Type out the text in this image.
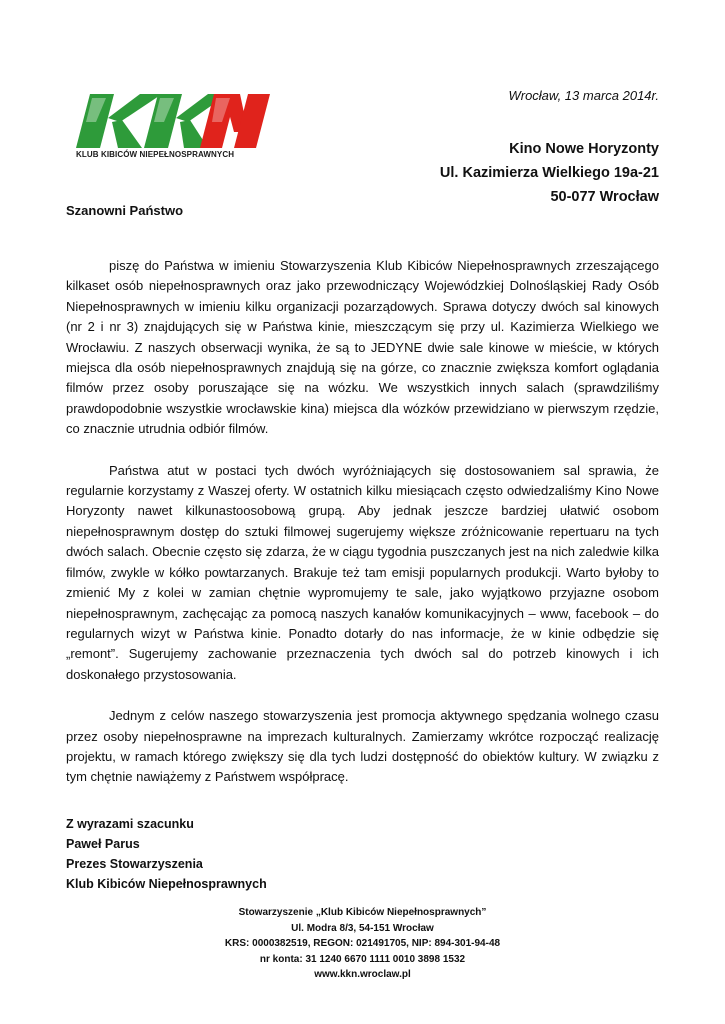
KLUB KIBICÓW NIEPEŁNOSPRAWNYCH
Wrocław, 13 marca 2014r.
Kino Nowe Horyzonty
Ul. Kazimierza Wielkiego 19a-21
50-077 Wrocław
Szanowni Państwo

piszę do Państwa w imieniu Stowarzyszenia Klub Kibiców Niepełnosprawnych zrzeszającego kilkaset osób niepełnosprawnych oraz jako przewodniczący Wojewódzkiej Dolnośląskiej Rady Osób Niepełnosprawnych w imieniu kilku organizacji pozarządowych. Sprawa dotyczy dwóch sal kinowych (nr 2 i nr 3) znajdujących się w Państwa kinie, mieszczącym się przy ul. Kazimierza Wielkiego we Wrocławiu. Z naszych obserwacji wynika, że są to JEDYNE dwie sale kinowe w mieście, w których miejsca dla osób niepełnosprawnych znajdują się na górze, co znacznie zwiększa komfort oglądania filmów przez osoby poruszające się na wózku. We wszystkich innych salach (sprawdziliśmy prawdopodobnie wszystkie wrocławskie kina) miejsca dla wózków przewidziano w pierwszym rzędzie, co znacznie utrudnia odbiór filmów.

Państwa atut w postaci tych dwóch wyróżniających się dostosowaniem sal sprawia, że regularnie korzystamy z Waszej oferty. W ostatnich kilku miesiącach często odwiedzaliśmy Kino Nowe Horyzonty nawet kilkunastoosobową grupą. Aby jednak jeszcze bardziej ułatwić osobom niepełnosprawnym dostęp do sztuki filmowej sugerujemy większe zróżnicowanie repertuaru na tych dwóch salach. Obecnie często się zdarza, że w ciągu tygodnia puszczanych jest na nich zaledwie kilka filmów, zwykle w kółko powtarzanych. Brakuje też tam emisji popularnych produkcji. Warto byłoby to zmienić My z kolei w zamian chętnie wypromujemy te sale, jako wyjątkowo przyjazne osobom niepełnosprawnym, zachęcając za pomocą naszych kanałów komunikacyjnych – www, facebook – do regularnych wizyt w Państwa kinie. Ponadto dotarły do nas informacje, że w kinie odbędzie się „remont”. Sugerujemy zachowanie przeznaczenia tych dwóch sal do potrzeb kinowych i ich doskonałego przystosowania.

Jednym z celów naszego stowarzyszenia jest promocja aktywnego spędzania wolnego czasu przez osoby niepełnosprawne na imprezach kulturalnych. Zamierzamy wkrótce rozpocząć realizację projektu, w ramach którego zwiększy się dla tych ludzi dostępność do obiektów kultury. W związku z tym chętnie nawiążemy z Państwem współpracę.

Z wyrazami szacunku
Paweł Parus
Prezes Stowarzyszenia
Klub Kibiców Niepełnosprawnych
Stowarzyszenie „Klub Kibiców Niepełnosprawnych”
Ul. Modra 8/3, 54-151 Wrocław
KRS: 0000382519, REGON: 021491705, NIP: 894-301-94-48
nr konta: 31 1240 6670 1111 0010 3898 1532
www.kkn.wroclaw.pl
